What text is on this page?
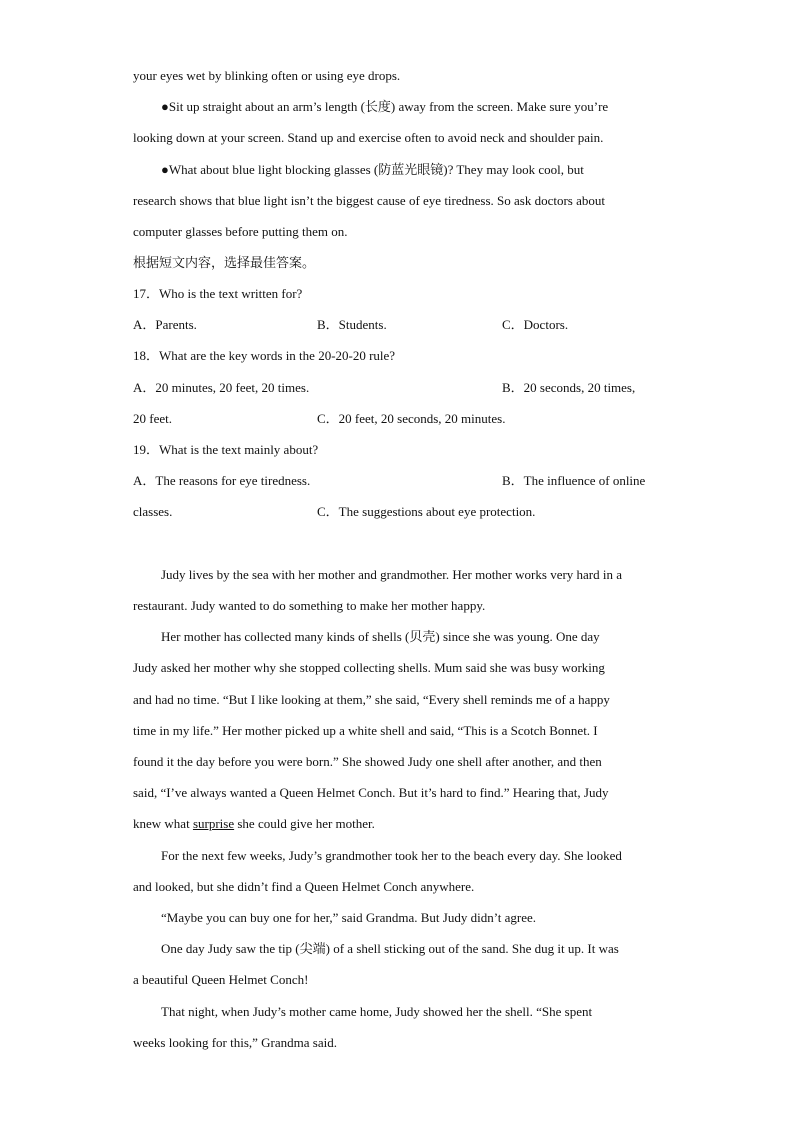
your eyes wet by blinking often or using eye drops.
●Sit up straight about an arm’s length (长度) away from the screen. Make sure you’re
looking down at your screen. Stand up and exercise often to avoid neck and shoulder pain.
●What about blue light blocking glasses (防蓝光眼镜)? They may look cool, but
research shows that blue light isn’t the biggest cause of eye tiredness. So ask doctors about
computer glasses before putting them on.
根据短文内容，选择最佳答案。
17．Who is the text written for?
A．Parents.	B．Students.	C．Doctors.
18．What are the key words in the 20-20-20 rule?
A．20 minutes, 20 feet, 20 times.	B．20 seconds, 20 times,
20 feet.	C．20 feet, 20 seconds, 20 minutes.
19．What is the text mainly about?
A．The reasons for eye tiredness.	B．The influence of online
classes.	C．The suggestions about eye protection.
Judy lives by the sea with her mother and grandmother. Her mother works very hard in a
restaurant. Judy wanted to do something to make her mother happy.
Her mother has collected many kinds of shells (贝壳) since she was young. One day
Judy asked her mother why she stopped collecting shells. Mum said she was busy working
and had no time. “But I like looking at them,” she said, “Every shell reminds me of a happy
time in my life.” Her mother picked up a white shell and said, “This is a Scotch Bonnet. I
found it the day before you were born.” She showed Judy one shell after another, and then
said, “I’ve always wanted a Queen Helmet Conch. But it’s hard to find.” Hearing that, Judy
knew what surprise she could give her mother.
For the next few weeks, Judy’s grandmother took her to the beach every day. She looked
and looked, but she didn’t find a Queen Helmet Conch anywhere.
“Maybe you can buy one for her,” said Grandma. But Judy didn’t agree.
One day Judy saw the tip (尖端) of a shell sticking out of the sand. She dug it up. It was
a beautiful Queen Helmet Conch!
That night, when Judy’s mother came home, Judy showed her the shell. “She spent
weeks looking for this,” Grandma said.
